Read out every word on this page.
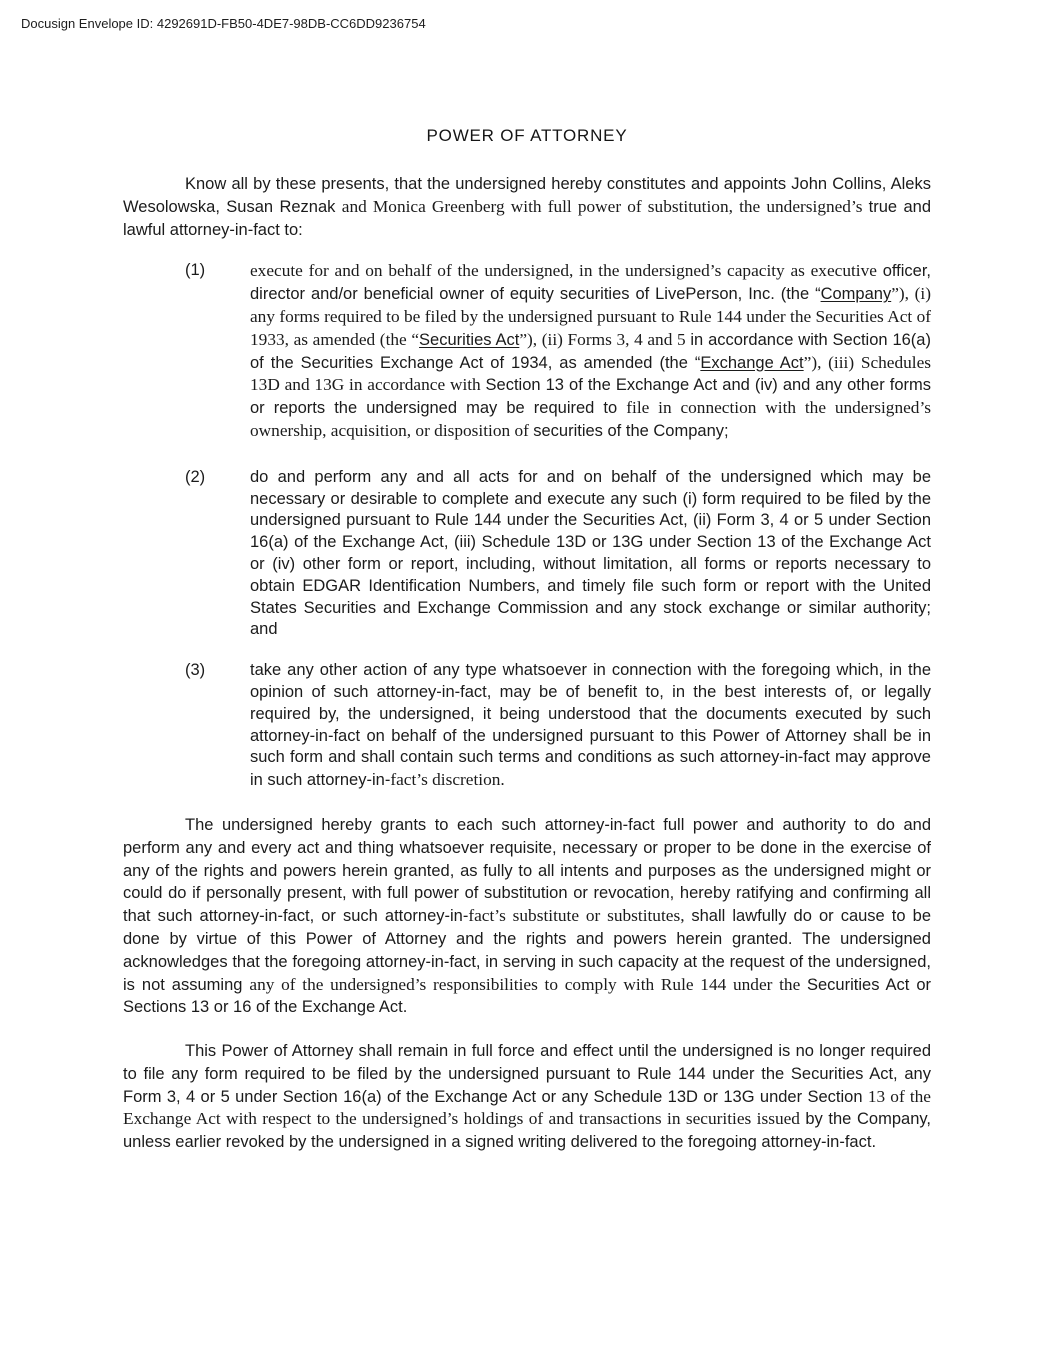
Docusign Envelope ID: 4292691D-FB50-4DE7-98DB-CC6DD9236754
POWER OF ATTORNEY

Know all by these presents, that the undersigned hereby constitutes and appoints John Collins, Aleks Wesolowska, Susan Reznak and Monica Greenberg with full power of substitution, the undersigned’s true and lawful attorney-in-fact to:

(1)	execute for and on behalf of the undersigned, in the undersigned’s capacity as executive officer, director and/or beneficial owner of equity securities of LivePerson, Inc. (the “Company”), (i) any forms required to be filed by the undersigned pursuant to Rule 144 under the Securities Act of 1933, as amended (the “Securities Act”), (ii) Forms 3, 4 and 5 in accordance with Section 16(a) of the Securities Exchange Act of 1934, as amended (the “Exchange Act”), (iii) Schedules 13D and 13G in accordance with Section 13 of the Exchange Act and (iv) and any other forms or reports the undersigned may be required to file in connection with the undersigned’s ownership, acquisition, or disposition of securities of the Company;
(2)	do and perform any and all acts for and on behalf of the undersigned which may be necessary or desirable to complete and execute any such (i) form required to be filed by the undersigned pursuant to Rule 144 under the Securities Act, (ii) Form 3, 4 or 5 under Section 16(a) of the Exchange Act, (iii) Schedule 13D or 13G under Section 13 of the Exchange Act or (iv) other form or report, including, without limitation, all forms or reports necessary to obtain EDGAR Identification Numbers, and timely file such form or report with the United States Securities and Exchange Commission and any stock exchange or similar authority; and
(3)	take any other action of any type whatsoever in connection with the foregoing which, in the opinion of such attorney-in-fact, may be of benefit to, in the best interests of, or legally required by, the undersigned, it being understood that the documents executed by such attorney-in-fact on behalf of the undersigned pursuant to this Power of Attorney shall be in such form and shall contain such terms and conditions as such attorney-in-fact may approve in such attorney-in-fact’s discretion.

The undersigned hereby grants to each such attorney-in-fact full power and authority to do and perform any and every act and thing whatsoever requisite, necessary or proper to be done in the exercise of any of the rights and powers herein granted, as fully to all intents and purposes as the undersigned might or could do if personally present, with full power of substitution or revocation, hereby ratifying and confirming all that such attorney-in-fact, or such attorney-in-fact’s substitute or substitutes, shall lawfully do or cause to be done by virtue of this Power of Attorney and the rights and powers herein granted. The undersigned acknowledges that the foregoing attorney-in-fact, in serving in such capacity at the request of the undersigned, is not assuming any of the undersigned’s responsibilities to comply with Rule 144 under the Securities Act or Sections 13 or 16 of the Exchange Act.

This Power of Attorney shall remain in full force and effect until the undersigned is no longer required to file any form required to be filed by the undersigned pursuant to Rule 144 under the Securities Act, any Form 3, 4 or 5 under Section 16(a) of the Exchange Act or any Schedule 13D or 13G under Section 13 of the Exchange Act with respect to the undersigned’s holdings of and transactions in securities issued by the Company, unless earlier revoked by the undersigned in a signed writing delivered to the foregoing attorney-in-fact.
